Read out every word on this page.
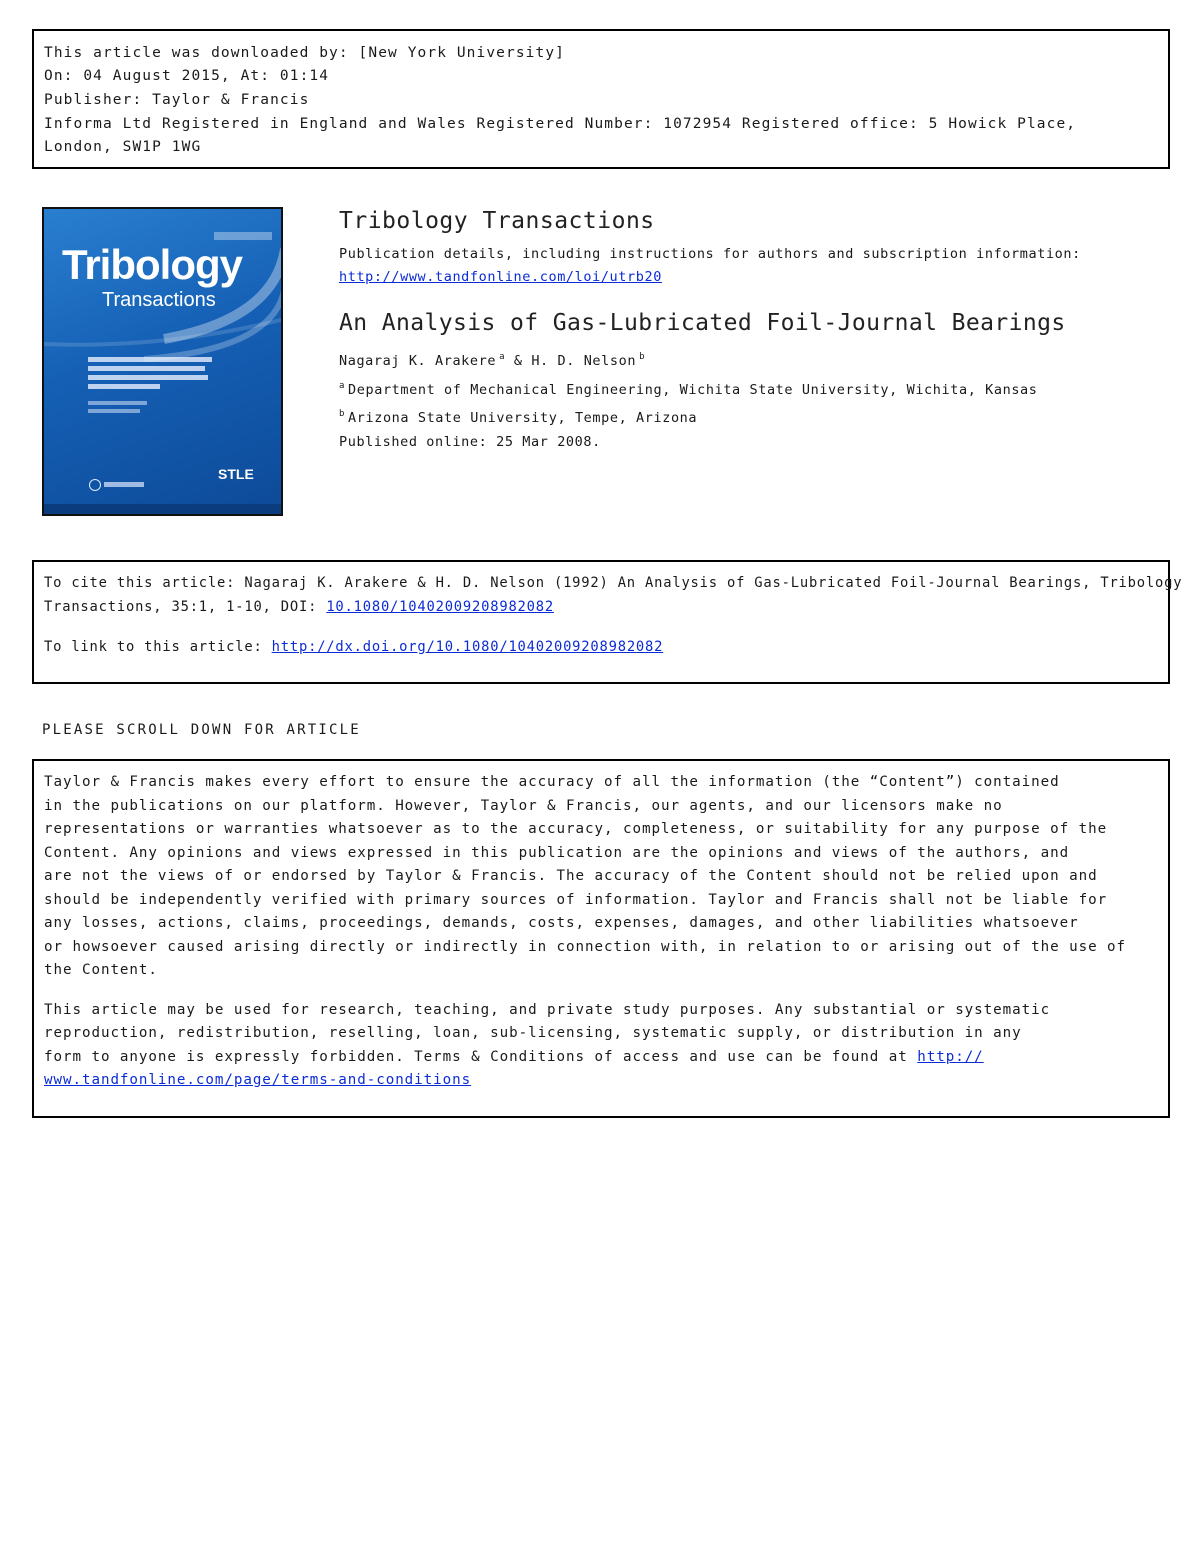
This article was downloaded by: [New York University]
On: 04 August 2015, At: 01:14
Publisher: Taylor & Francis
Informa Ltd Registered in England and Wales Registered Number: 1072954 Registered office: 5 Howick Place,
London, SW1P 1WG
Tribology
Transactions
STLE
Tribology Transactions
Publication details, including instructions for authors and subscription information:
http://www.tandfonline.com/loi/utrb20
An Analysis of Gas-Lubricated Foil-Journal Bearings
Nagaraj K. Arakere $^a$ & H. D. Nelson $^b$
$^a$ Department of Mechanical Engineering, Wichita State University, Wichita, Kansas
$^b$ Arizona State University, Tempe, Arizona
Published online: 25 Mar 2008.
To cite this article: Nagaraj K. Arakere & H. D. Nelson (1992) An Analysis of Gas-Lubricated Foil-Journal Bearings, Tribology
Transactions, 35:1, 1-10, DOI: 10.1080/10402009208982082
To link to this article: http://dx.doi.org/10.1080/10402009208982082
PLEASE SCROLL DOWN FOR ARTICLE
Taylor & Francis makes every effort to ensure the accuracy of all the information (the “Content”) contained
in the publications on our platform. However, Taylor & Francis, our agents, and our licensors make no
representations or warranties whatsoever as to the accuracy, completeness, or suitability for any purpose of the
Content. Any opinions and views expressed in this publication are the opinions and views of the authors, and
are not the views of or endorsed by Taylor & Francis. The accuracy of the Content should not be relied upon and
should be independently verified with primary sources of information. Taylor and Francis shall not be liable for
any losses, actions, claims, proceedings, demands, costs, expenses, damages, and other liabilities whatsoever
or howsoever caused arising directly or indirectly in connection with, in relation to or arising out of the use of
the Content.
This article may be used for research, teaching, and private study purposes. Any substantial or systematic
reproduction, redistribution, reselling, loan, sub-licensing, systematic supply, or distribution in any
form to anyone is expressly forbidden. Terms & Conditions of access and use can be found at http://
www.tandfonline.com/page/terms-and-conditions
